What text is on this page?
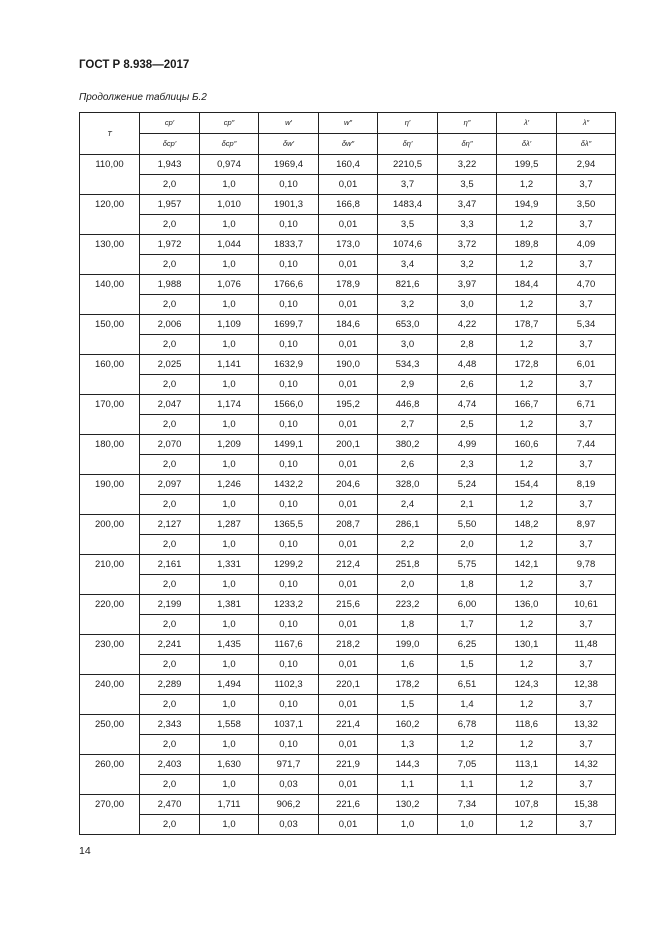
ГОСТ Р 8.938—2017
Продолжение таблицы Б.2
T	cp′	cp″	w′	w″	η′	η″	λ′	λ″
	δcp′	δcp″	δw′	δw″	δη′	δη″	δλ′	δλ″
110,00	1,943	0,974	1969,4	160,4	2210,5	3,22	199,5	2,94
	2,0	1,0	0,10	0,01	3,7	3,5	1,2	3,7
120,00	1,957	1,010	1901,3	166,8	1483,4	3,47	194,9	3,50
	2,0	1,0	0,10	0,01	3,5	3,3	1,2	3,7
130,00	1,972	1,044	1833,7	173,0	1074,6	3,72	189,8	4,09
	2,0	1,0	0,10	0,01	3,4	3,2	1,2	3,7
140,00	1,988	1,076	1766,6	178,9	821,6	3,97	184,4	4,70
	2,0	1,0	0,10	0,01	3,2	3,0	1,2	3,7
150,00	2,006	1,109	1699,7	184,6	653,0	4,22	178,7	5,34
	2,0	1,0	0,10	0,01	3,0	2,8	1,2	3,7
160,00	2,025	1,141	1632,9	190,0	534,3	4,48	172,8	6,01
	2,0	1,0	0,10	0,01	2,9	2,6	1,2	3,7
170,00	2,047	1,174	1566,0	195,2	446,8	4,74	166,7	6,71
	2,0	1,0	0,10	0,01	2,7	2,5	1,2	3,7
180,00	2,070	1,209	1499,1	200,1	380,2	4,99	160,6	7,44
	2,0	1,0	0,10	0,01	2,6	2,3	1,2	3,7
190,00	2,097	1,246	1432,2	204,6	328,0	5,24	154,4	8,19
	2,0	1,0	0,10	0,01	2,4	2,1	1,2	3,7
200,00	2,127	1,287	1365,5	208,7	286,1	5,50	148,2	8,97
	2,0	1,0	0,10	0,01	2,2	2,0	1,2	3,7
210,00	2,161	1,331	1299,2	212,4	251,8	5,75	142,1	9,78
	2,0	1,0	0,10	0,01	2,0	1,8	1,2	3,7
220,00	2,199	1,381	1233,2	215,6	223,2	6,00	136,0	10,61
	2,0	1,0	0,10	0,01	1,8	1,7	1,2	3,7
230,00	2,241	1,435	1167,6	218,2	199,0	6,25	130,1	11,48
	2,0	1,0	0,10	0,01	1,6	1,5	1,2	3,7
240,00	2,289	1,494	1102,3	220,1	178,2	6,51	124,3	12,38
	2,0	1,0	0,10	0,01	1,5	1,4	1,2	3,7
250,00	2,343	1,558	1037,1	221,4	160,2	6,78	118,6	13,32
	2,0	1,0	0,10	0,01	1,3	1,2	1,2	3,7
260,00	2,403	1,630	971,7	221,9	144,3	7,05	113,1	14,32
	2,0	1,0	0,03	0,01	1,1	1,1	1,2	3,7
270,00	2,470	1,711	906,2	221,6	130,2	7,34	107,8	15,38
	2,0	1,0	0,03	0,01	1,0	1,0	1,2	3,7
14
